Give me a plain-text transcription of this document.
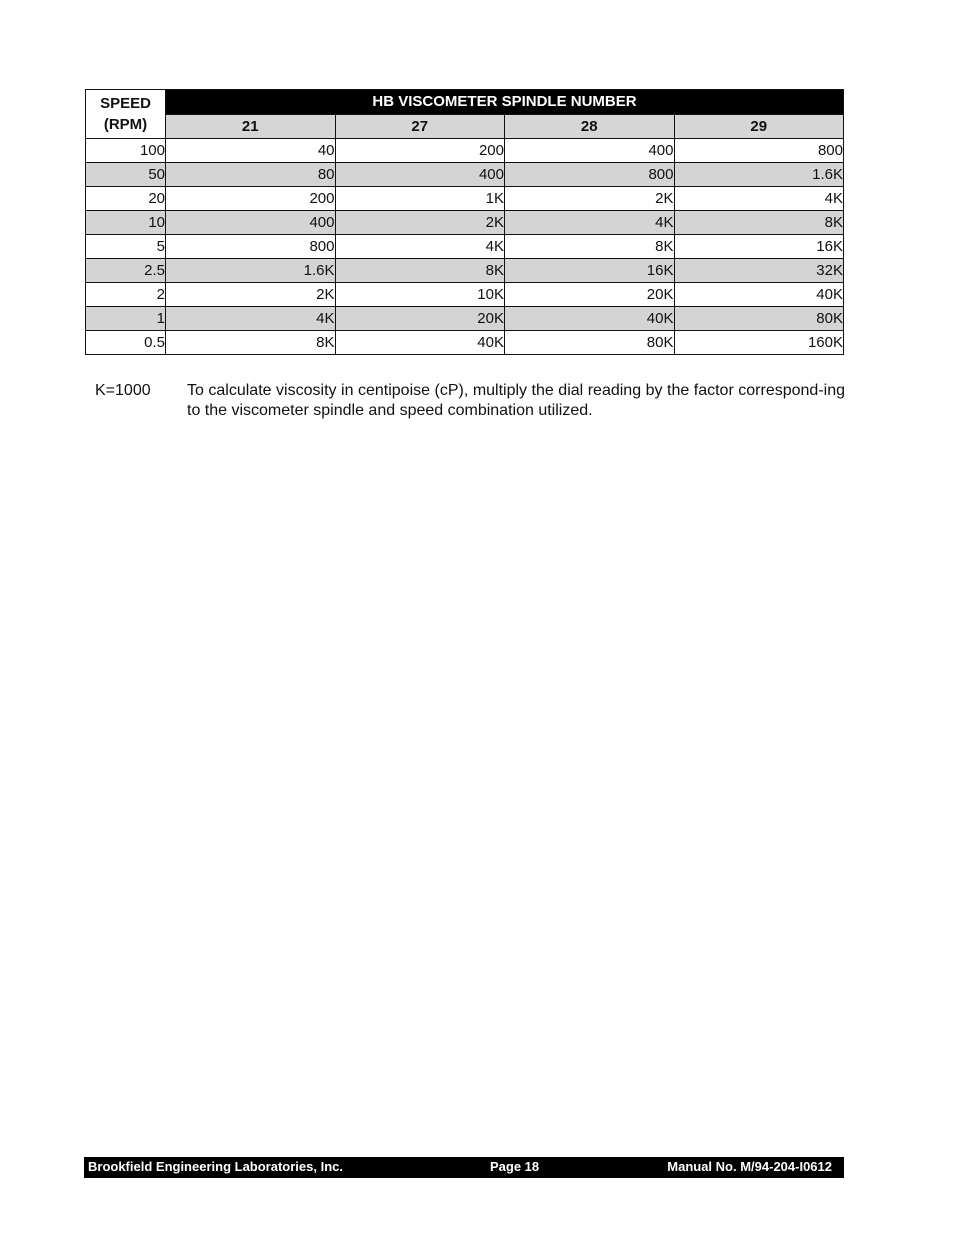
SPEED
(RPM)	HB VISCOMETER SPINDLE NUMBER			
	21	27	28	29
100	40	200	400	800
50	80	400	800	1.6K
20	200	1K	2K	4K
10	400	2K	4K	8K
5	800	4K	8K	16K
2.5	1.6K	8K	16K	32K
2	2K	10K	20K	40K
1	4K	20K	40K	80K
0.5	8K	40K	80K	160K
K=1000 To calculate viscosity in centipoise (cP), multiply the dial reading by the factor correspond-ing to the viscometer spindle and speed combination utilized.
Brookfield Engineering Laboratories, Inc.	Page 18	Manual No. M/94-204-I0612
